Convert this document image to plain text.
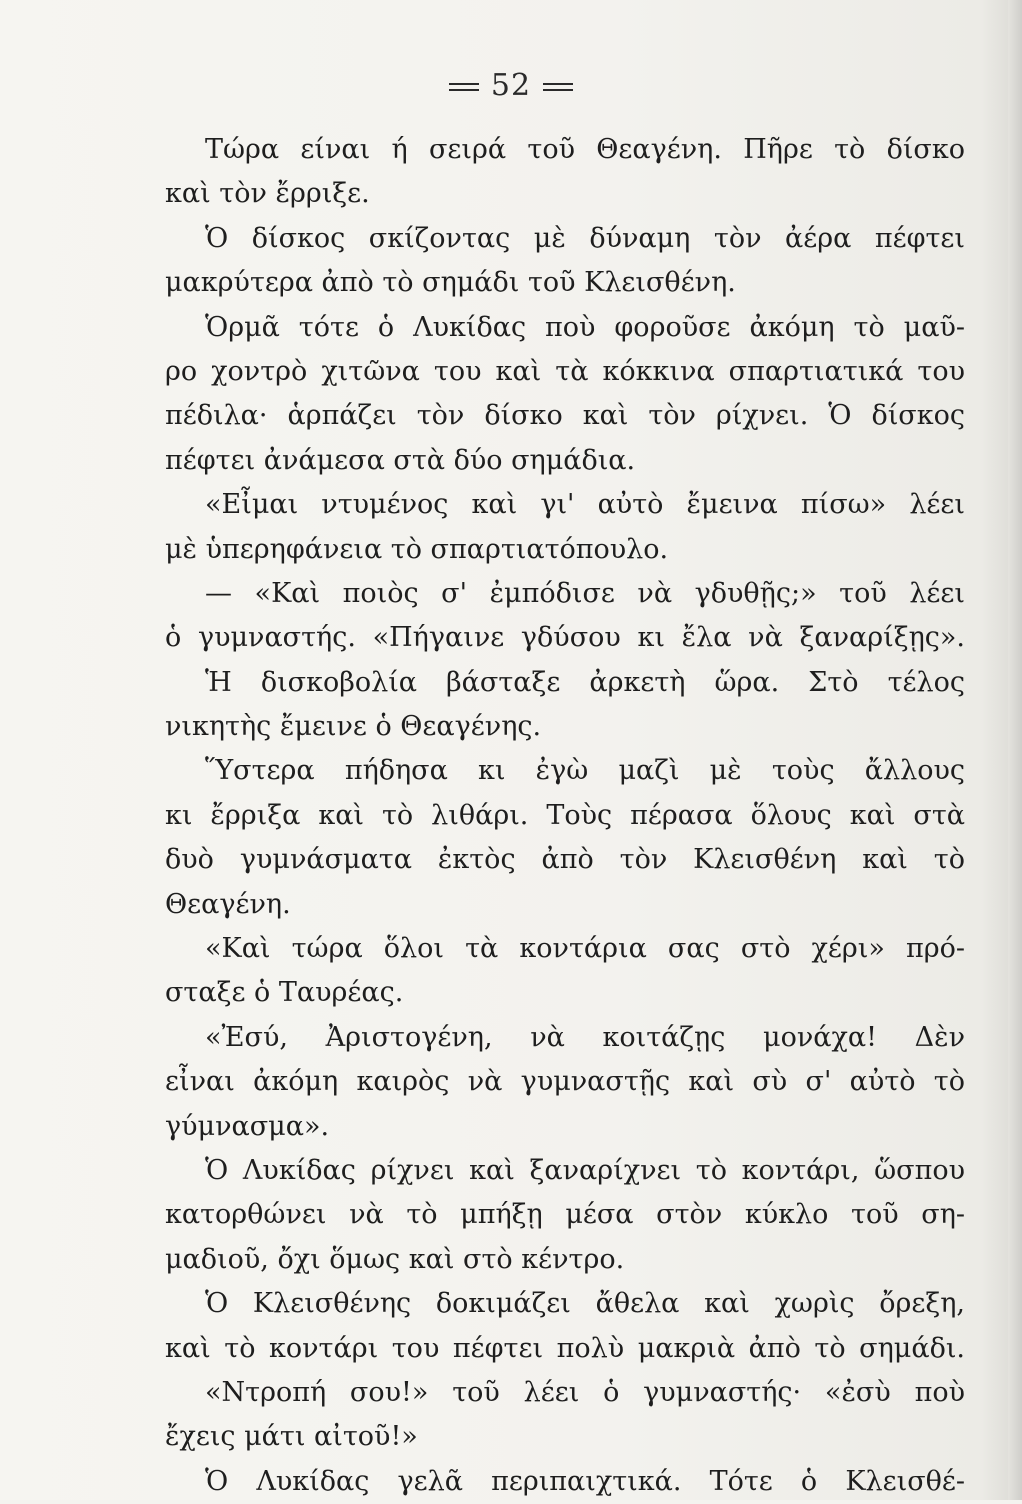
52
Τώρα είναι ή σειρά τοῦ Θεαγένη. Πῆρε τὸ δίσκο
καὶ τὸν ἔρριξε.
Ὁ δίσκος σκίζοντας μὲ δύναμη τὸν ἀέρα πέφτει
μακρύτερα ἀπὸ τὸ σημάδι τοῦ Κλεισθένη.
Ὁρμᾶ τότε ὁ Λυκίδας ποὺ φοροῦσε ἀκόμη τὸ μαῦ-
ρο χοντρὸ χιτῶνα του καὶ τὰ κόκκινα σπαρτιατικά του
πέδιλα· ἁρπάζει τὸν δίσκο καὶ τὸν ρίχνει. Ὁ δίσκος
πέφτει ἀνάμεσα στὰ δύο σημάδια.
«Εἶμαι ντυμένος καὶ γι' αὐτὸ ἔμεινα πίσω» λέει
μὲ ὑπερηφάνεια τὸ σπαρτιατόπουλο.
— «Καὶ ποιὸς σ' ἐμπόδισε νὰ γδυθῇς;» τοῦ λέει
ὁ γυμναστής. «Πήγαινε γδύσου κι ἔλα νὰ ξαναρίξῃς».
Ἡ δισκοβολία βάσταξε ἀρκετὴ ὥρα. Στὸ τέλος
νικητὴς ἔμεινε ὁ Θεαγένης.
Ὕστερα πήδησα κι ἐγὼ μαζὶ μὲ τοὺς ἄλλους
κι ἔρριξα καὶ τὸ λιθάρι. Τοὺς πέρασα ὅλους καὶ στὰ
δυὸ γυμνάσματα ἐκτὸς ἀπὸ τὸν Κλεισθένη καὶ τὸ
Θεαγένη.
«Καὶ τώρα ὅλοι τὰ κοντάρια σας στὸ χέρι» πρό-
σταξε ὁ Ταυρέας.
«Ἐσύ, Ἀριστογένη, νὰ κοιτάζῃς μονάχα! Δὲν
εἶναι ἀκόμη καιρὸς νὰ γυμναστῇς καὶ σὺ σ' αὐτὸ τὸ
γύμνασμα».
Ὁ Λυκίδας ρίχνει καὶ ξαναρίχνει τὸ κοντάρι, ὥσπου
κατορθώνει νὰ τὸ μπήξῃ μέσα στὸν κύκλο τοῦ ση-
μαδιοῦ, ὄχι ὅμως καὶ στὸ κέντρο.
Ὁ Κλεισθένης δοκιμάζει ἄθελα καὶ χωρὶς ὄρεξη,
καὶ τὸ κοντάρι του πέφτει πολὺ μακριὰ ἀπὸ τὸ σημάδι.
«Ντροπή σου!» τοῦ λέει ὁ γυμναστής· «ἐσὺ ποὺ
ἔχεις μάτι αἰτοῦ!»
Ὁ Λυκίδας γελᾶ περιπαιχτικά. Τότε ὁ Κλεισθέ-
